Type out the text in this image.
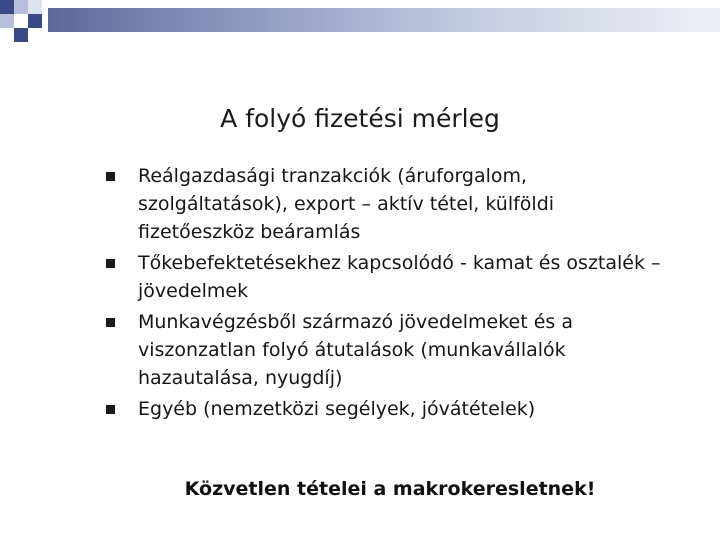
A folyó fizetési mérleg
Reálgazdasági tranzakciók (áruforgalom, szolgáltatások), export – aktív tétel, külföldi fizetőeszköz beáramlás
Tőkebefektetésekhez kapcsolódó - kamat és osztalék – jövedelmek
Munkavégzésből származó jövedelmeket és a viszonzatlan folyó átutalások (munkavállalók hazautalása, nyugdíj)
Egyéb (nemzetközi segélyek, jóvátételek)
Közvetlen tételei a makrokeresletnek!
